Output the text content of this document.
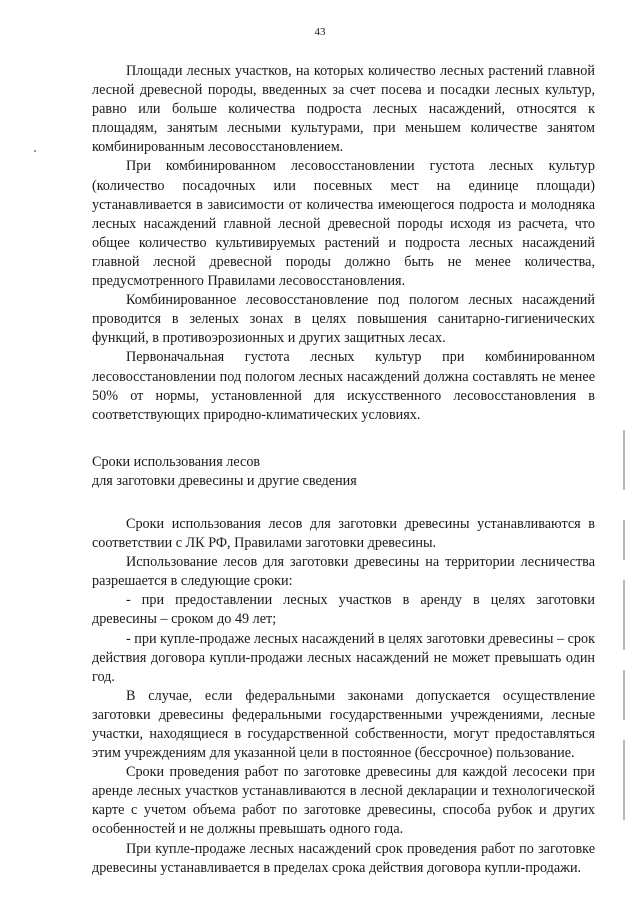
43

Площади лесных участков, на которых количество лесных растений главной лесной древесной породы, введенных за счет посева и посадки лесных культур, равно или больше количества подроста лесных насаждений, относятся к площадям, занятым лесными культурами, при меньшем количестве занятом комбинированным лесовосстановлением.

При комбинированном лесовосстановлении густота лесных культур (количество посадочных или посевных мест на единице площади) устанавливается в зависимости от количества имеющегося подроста и молодняка лесных насаждений главной лесной древесной породы исходя из расчета, что общее количество культивируемых растений и подроста лесных насаждений главной лесной древесной породы должно быть не менее количества, предусмотренного Правилами лесовосстановления.

Комбинированное лесовосстановление под пологом лесных насаждений проводится в зеленых зонах в целях повышения санитарно-гигиенических функций, в противоэрозионных и других защитных лесах.

Первоначальная густота лесных культур при комбинированном лесовосстановлении под пологом лесных насаждений должна составлять не менее 50% от нормы, установленной для искусственного лесовосстановления в соответствующих природно-климатических условиях.

Сроки использования лесов
для заготовки древесины и другие сведения

Сроки использования лесов для заготовки древесины устанавливаются в соответствии с ЛК РФ, Правилами заготовки древесины.

Использование лесов для заготовки древесины на территории лесничества разрешается в следующие сроки:

- при предоставлении лесных участков в аренду в целях заготовки древесины – сроком до 49 лет;

- при купле-продаже лесных насаждений в целях заготовки древесины – срок действия договора купли-продажи лесных насаждений не может превышать один год.

В случае, если федеральными законами допускается осуществление заготовки древесины федеральными государственными учреждениями, лесные участки, находящиеся в государственной собственности, могут предоставляться этим учреждениям для указанной цели в постоянное (бессрочное) пользование.

Сроки проведения работ по заготовке древесины для каждой лесосеки при аренде лесных участков устанавливаются в лесной декларации и технологической карте с учетом объема работ по заготовке древесины, способа рубок и других особенностей и не должны превышать одного года.

При купле-продаже лесных насаждений срок проведения работ по заготовке древесины устанавливается в пределах срока действия договора купли-продажи.
